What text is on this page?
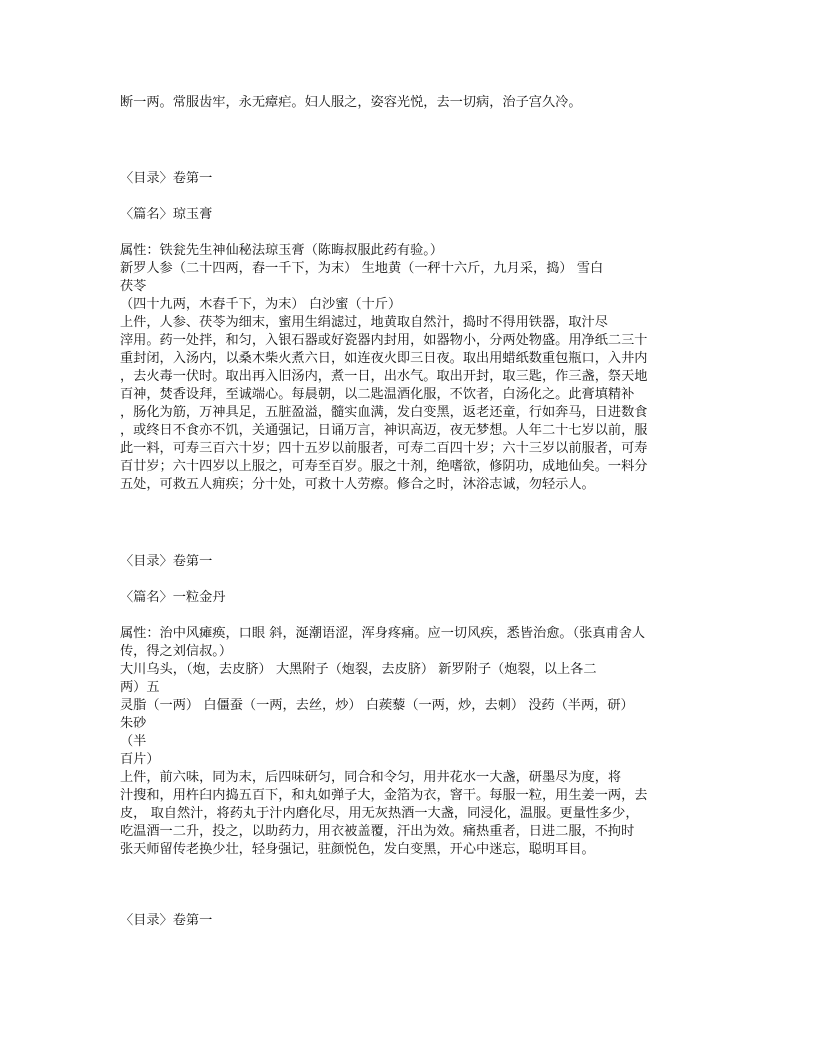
断一两。常服齿牢，永无瘴疟。妇人服之，姿容光悦，去一切病，治子宫久冷。
〈目录〉卷第一
〈篇名〉琼玉膏
属性：铁瓮先生神仙秘法琼玉膏（陈晦叔服此药有验。）
新罗人参（二十四两，舂一千下，为末） 生地黄（一秤十六斤，九月采，捣） 雪白
茯苓
（四十九两，木舂千下，为末） 白沙蜜（十斤）
上件，人参、茯苓为细末，蜜用生绢滤过，地黄取自然汁，捣时不得用铁器，取汁尽
滓用。药一处拌，和匀，入银石器或好瓷器内封用，如器物小，分两处物盛。用净纸二三十
重封闭，入汤内，以桑木柴火煮六日，如连夜火即三日夜。取出用蜡纸数重包瓶口，入井内
，去火毒一伏时。取出再入旧汤内，煮一日，出水气。取出开封，取三匙，作三盏，祭天地
百神，焚香设拜，至诚端心。每晨朝，以二匙温酒化服，不饮者，白汤化之。此膏填精补
，肠化为筋，万神具足，五脏盈溢，髓实血满，发白变黑，返老还童，行如奔马，日进数食
，或终日不食亦不饥，关通强记，日诵万言，神识高迈，夜无梦想。人年二十七岁以前，服
此一料，可寿三百六十岁；四十五岁以前服者，可寿二百四十岁；六十三岁以前服者，可寿
百廿岁；六十四岁以上服之，可寿至百岁。服之十剂，绝嗜欲，修阴功，成地仙矣。一料分
五处，可救五人痈疾；分十处，可救十人劳瘵。修合之时，沐浴志诚，勿轻示人。
〈目录〉卷第一
〈篇名〉一粒金丹
属性：治中风瘫痪，口眼 斜，涎潮语涩，浑身疼痛。应一切风疾，悉皆治愈。（张真甫舍人
传，得之刘信叔。）
大川乌头，（炮，去皮脐） 大黑附子（炮裂，去皮脐） 新罗附子（炮裂，以上各二
两）五
灵脂（一两） 白僵蚕（一两，去丝，炒） 白蒺藜（一两，炒，去刺） 没药（半两，研）
朱砂
（半
百片）
上件，前六味，同为末，后四味研匀，同合和令匀，用井花水一大盏，研墨尽为度，将
汁搜和，用杵臼内捣五百下，和丸如弹子大，金箔为衣，窨干。每服一粒，用生姜一两，去
皮， 取自然汁，将药丸于汁内磨化尽，用无灰热酒一大盏，同浸化，温服。更量性多少，
吃温酒一二升，投之，以助药力，用衣被盖覆，汗出为效。痛热重者，日进二服，不拘时
张天师留传老换少壮，轻身强记，驻颜悦色，发白变黑，开心中迷忘，聪明耳目。
〈目录〉卷第一
